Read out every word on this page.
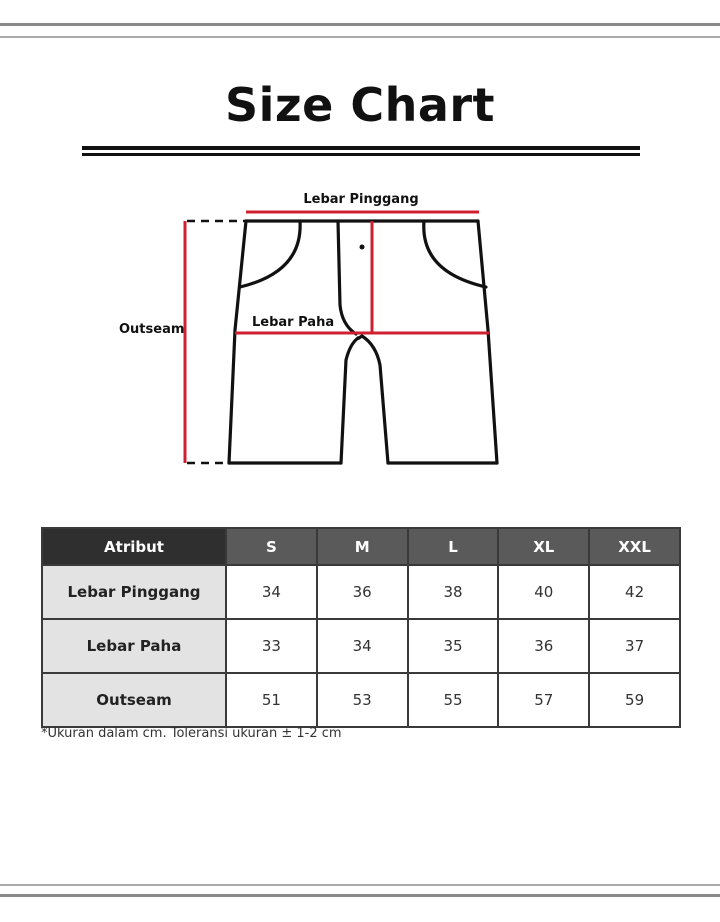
Size Chart
Lebar Pinggang
Lebar Paha
Outseam
Atribut	S	M	L	XL	XXL
Lebar Pinggang	34	36	38	40	42
Lebar Paha	33	34	35	36	37
Outseam	51	53	55	57	59
*Ukuran dalam cm. Toleransi ukuran ± 1-2 cm
